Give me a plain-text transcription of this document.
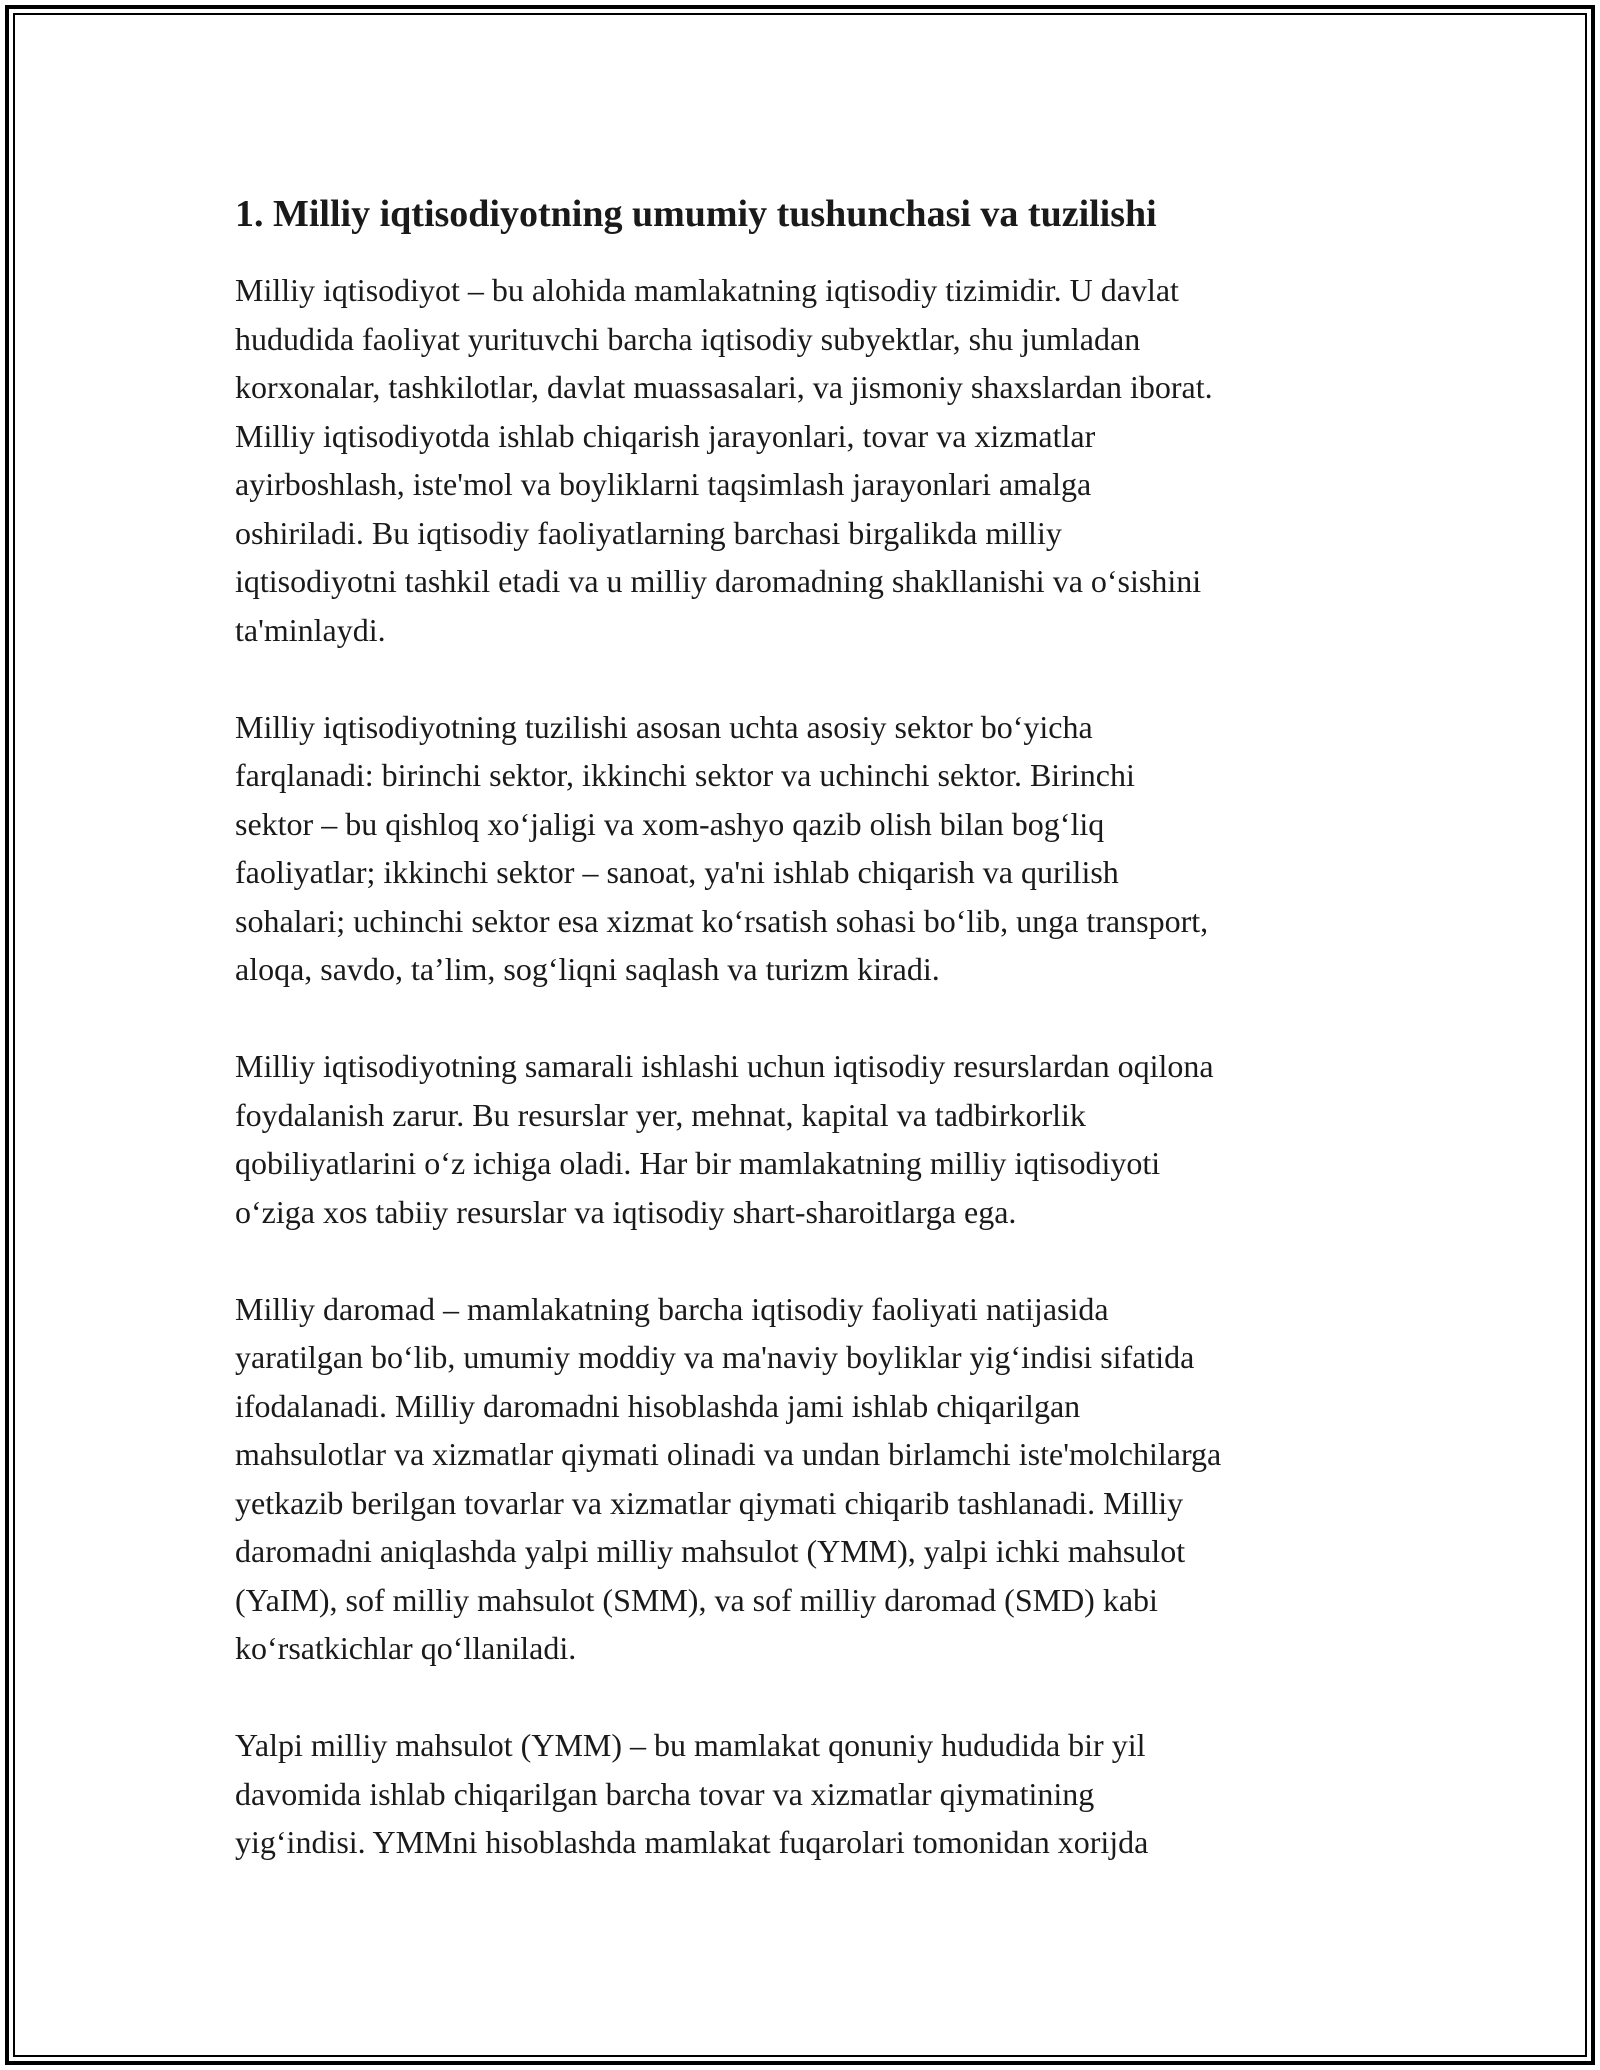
1. Milliy iqtisodiyotning umumiy tushunchasi va tuzilishi

Milliy iqtisodiyot – bu alohida mamlakatning iqtisodiy tizimidir. U davlat
hududida faoliyat yurituvchi barcha iqtisodiy subyektlar, shu jumladan
korxonalar, tashkilotlar, davlat muassasalari, va jismoniy shaxslardan iborat.
Milliy iqtisodiyotda ishlab chiqarish jarayonlari, tovar va xizmatlar
ayirboshlash, iste'mol va boyliklarni taqsimlash jarayonlari amalga
oshiriladi. Bu iqtisodiy faoliyatlarning barchasi birgalikda milliy
iqtisodiyotni tashkil etadi va u milliy daromadning shakllanishi va oʻsishini
ta'minlaydi.

Milliy iqtisodiyotning tuzilishi asosan uchta asosiy sektor boʻyicha
farqlanadi: birinchi sektor, ikkinchi sektor va uchinchi sektor. Birinchi
sektor – bu qishloq xoʻjaligi va xom-ashyo qazib olish bilan bogʻliq
faoliyatlar; ikkinchi sektor – sanoat, ya'ni ishlab chiqarish va qurilish
sohalari; uchinchi sektor esa xizmat koʻrsatish sohasi boʻlib, unga transport,
aloqa, savdo, ta’lim, sogʻliqni saqlash va turizm kiradi.

Milliy iqtisodiyotning samarali ishlashi uchun iqtisodiy resurslardan oqilona
foydalanish zarur. Bu resurslar yer, mehnat, kapital va tadbirkorlik
qobiliyatlarini oʻz ichiga oladi. Har bir mamlakatning milliy iqtisodiyoti
oʻziga xos tabiiy resurslar va iqtisodiy shart-sharoitlarga ega.

Milliy daromad – mamlakatning barcha iqtisodiy faoliyati natijasida
yaratilgan boʻlib, umumiy moddiy va ma'naviy boyliklar yigʻindisi sifatida
ifodalanadi. Milliy daromadni hisoblashda jami ishlab chiqarilgan
mahsulotlar va xizmatlar qiymati olinadi va undan birlamchi iste'molchilarga
yetkazib berilgan tovarlar va xizmatlar qiymati chiqarib tashlanadi. Milliy
daromadni aniqlashda yalpi milliy mahsulot (YMM), yalpi ichki mahsulot
(YaIM), sof milliy mahsulot (SMM), va sof milliy daromad (SMD) kabi
koʻrsatkichlar qoʻllaniladi.

Yalpi milliy mahsulot (YMM) – bu mamlakat qonuniy hududida bir yil
davomida ishlab chiqarilgan barcha tovar va xizmatlar qiymatining
yigʻindisi. YMMni hisoblashda mamlakat fuqarolari tomonidan xorijda
